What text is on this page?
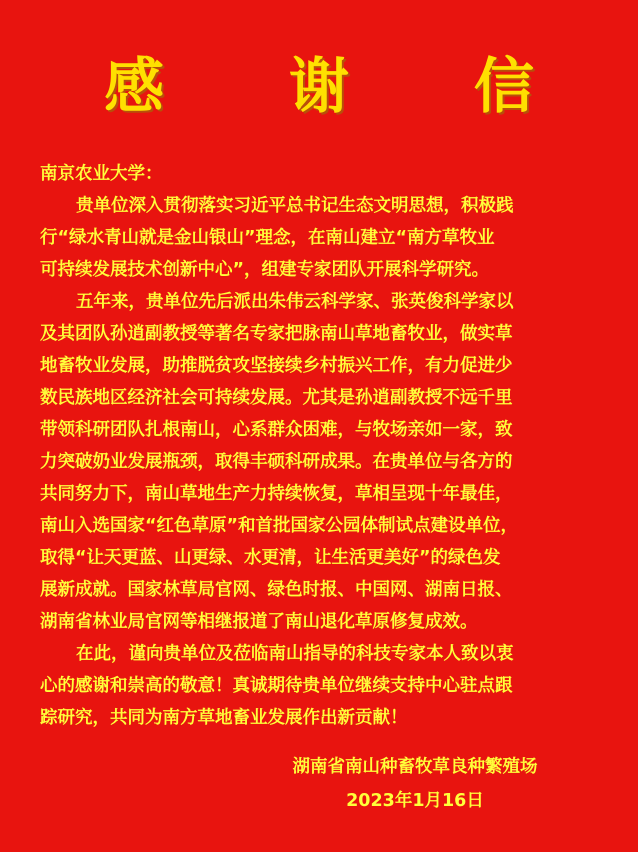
感 谢 信
南京农业大学：
贵单位深入贯彻落实习近平总书记生态文明思想，积极践
行“绿水青山就是金山银山”理念，在南山建立“南方草牧业
可持续发展技术创新中心”，组建专家团队开展科学研究。
五年来，贵单位先后派出朱伟云科学家、张英俊科学家以
及其团队孙逍副教授等著名专家把脉南山草地畜牧业，做实草
地畜牧业发展，助推脱贫攻坚接续乡村振兴工作，有力促进少
数民族地区经济社会可持续发展。尤其是孙逍副教授不远千里
带领科研团队扎根南山，心系群众困难，与牧场亲如一家，致
力突破奶业发展瓶颈，取得丰硕科研成果。在贵单位与各方的
共同努力下，南山草地生产力持续恢复，草相呈现十年最佳，
南山入选国家“红色草原”和首批国家公园体制试点建设单位，
取得“让天更蓝、山更绿、水更清，让生活更美好”的绿色发
展新成就。国家林草局官网、绿色时报、中国网、湖南日报、
湖南省林业局官网等相继报道了南山退化草原修复成效。
在此，谨向贵单位及莅临南山指导的科技专家本人致以衷
心的感谢和崇高的敬意！真诚期待贵单位继续支持中心驻点跟
踪研究，共同为南方草地畜业发展作出新贡献！
湖南省南山种畜牧草良种繁殖场
2023年1月16日
